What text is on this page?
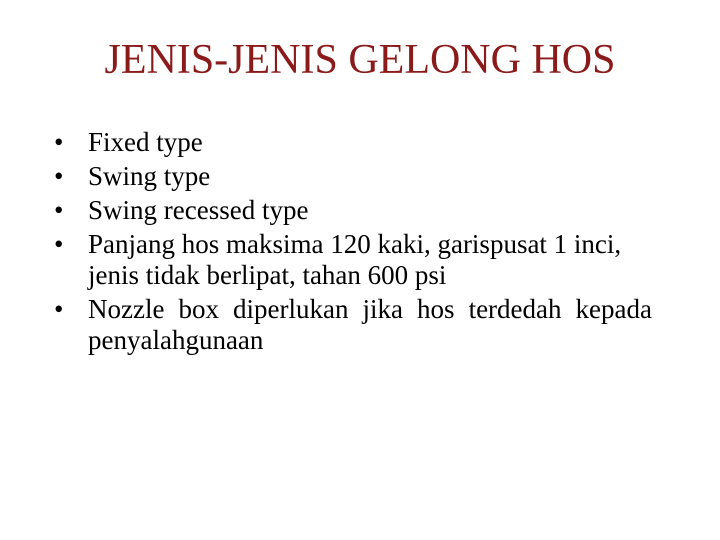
JENIS-JENIS GELONG HOS
• Fixed type
• Swing type
• Swing recessed type
• Panjang hos maksima 120 kaki, garispusat 1 inci, jenis tidak berlipat, tahan 600 psi
• Nozzle box diperlukan jika hos terdedah kepada penyalahgunaan
